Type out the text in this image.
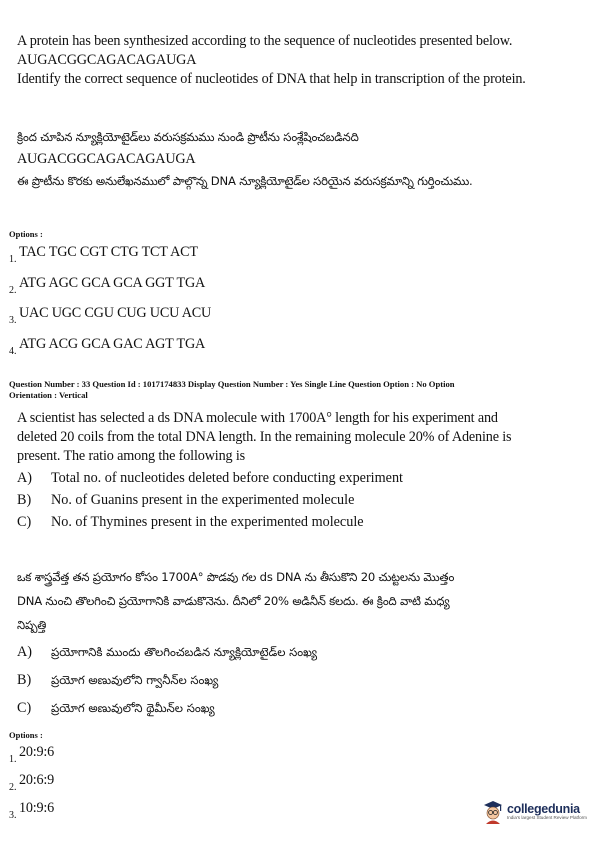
A protein has been synthesized according to the sequence of nucleotides presented below.
AUGACGGCAGACAGAUGA
Identify the correct sequence of nucleotides of DNA that help in transcription of the protein.
క్రింద చూపిన న్యూక్లియోటైడ్‌లు వరుసక్రమము నుండి ప్రొటీను సంశ్లేషించబడినది
AUGACGGCAGACAGAUGA
ఈ ప్రొటీను కొరకు అనులేఖనములో పాల్గొన్న DNA న్యూక్లియోటైడ్‌ల సరియైన వరుసక్రమాన్ని గుర్తించుము.
Options :
1. TAC TGC CGT CTG TCT ACT
2. ATG AGC GCA GCA GGT TGA
3. UAC UGC CGU CUG UCU ACU
4. ATG ACG GCA GAC AGT TGA
Question Number : 33 Question Id : 1017174833 Display Question Number : Yes Single Line Question Option : No Option
Orientation : Vertical
A scientist has selected a ds DNA molecule with 1700A° length for his experiment and
deleted 20 coils from the total DNA length. In the remaining molecule 20% of Adenine is
present. The ratio among the following is
A)	Total no. of nucleotides deleted before conducting experiment
B)	No. of Guanins present in the experimented molecule
C)	No. of Thymines present in the experimented molecule
ఒక శాస్త్రవేత్త తన ప్రయోగం కోసం 1700A° పొడవు గల ds DNA ను తీసుకొని 20 చుట్టలను మొత్తం
DNA నుంచి తొలగించి ప్రయోగానికి వాడుకొనెను. దీనిలో 20% అడినీన్ కలదు. ఈ క్రింది వాటి మధ్య
నిష్పత్తి
A)	ప్రయోగానికి ముందు తొలగించబడిన న్యూక్లియోటైడ్‌ల సంఖ్య
B)	ప్రయోగ అణువులోని గ్వానీన్‌ల సంఖ్య
C)	ప్రయోగ అణువులోని థైమీన్‌ల సంఖ్య
Options :
1. 20:9:6
2. 20:6:9
3. 10:9:6	collegedunia
India's largest Student Review Platform
